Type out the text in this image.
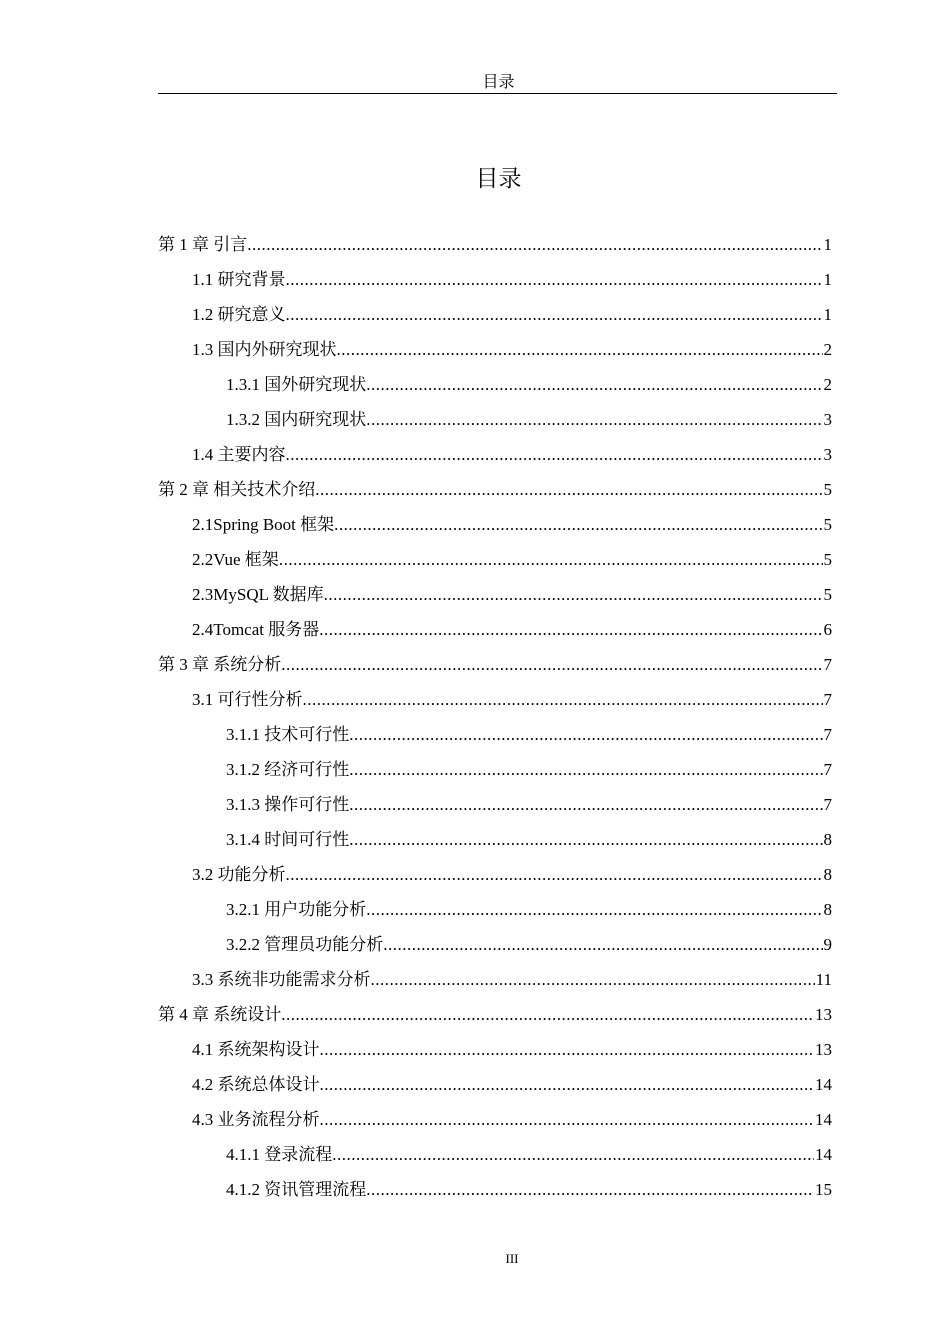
目录
目录
第 1 章 引言 .....	1
1.1 研究背景 .....	1
1.2 研究意义 .....	1
1.3 国内外研究现状 .....	2
1.3.1 国外研究现状 .....	2
1.3.2 国内研究现状 .....	3
1.4 主要内容 .....	3
第 2 章 相关技术介绍 .....	5
2.1Spring Boot 框架 .....	5
2.2Vue 框架 .....	5
2.3MySQL 数据库 .....	5
2.4Tomcat 服务器 .....	6
第 3 章 系统分析 .....	7
3.1 可行性分析 .....	7
3.1.1 技术可行性 .....	7
3.1.2 经济可行性 .....	7
3.1.3 操作可行性 .....	7
3.1.4 时间可行性 .....	8
3.2 功能分析 .....	8
3.2.1 用户功能分析 .....	8
3.2.2 管理员功能分析 .....	9
3.3 系统非功能需求分析 .....	11
第 4 章 系统设计 .....	13
4.1 系统架构设计 .....	13
4.2 系统总体设计 .....	14
4.3 业务流程分析 .....	14
4.1.1 登录流程 .....	14
4.1.2 资讯管理流程 .....	15
III
